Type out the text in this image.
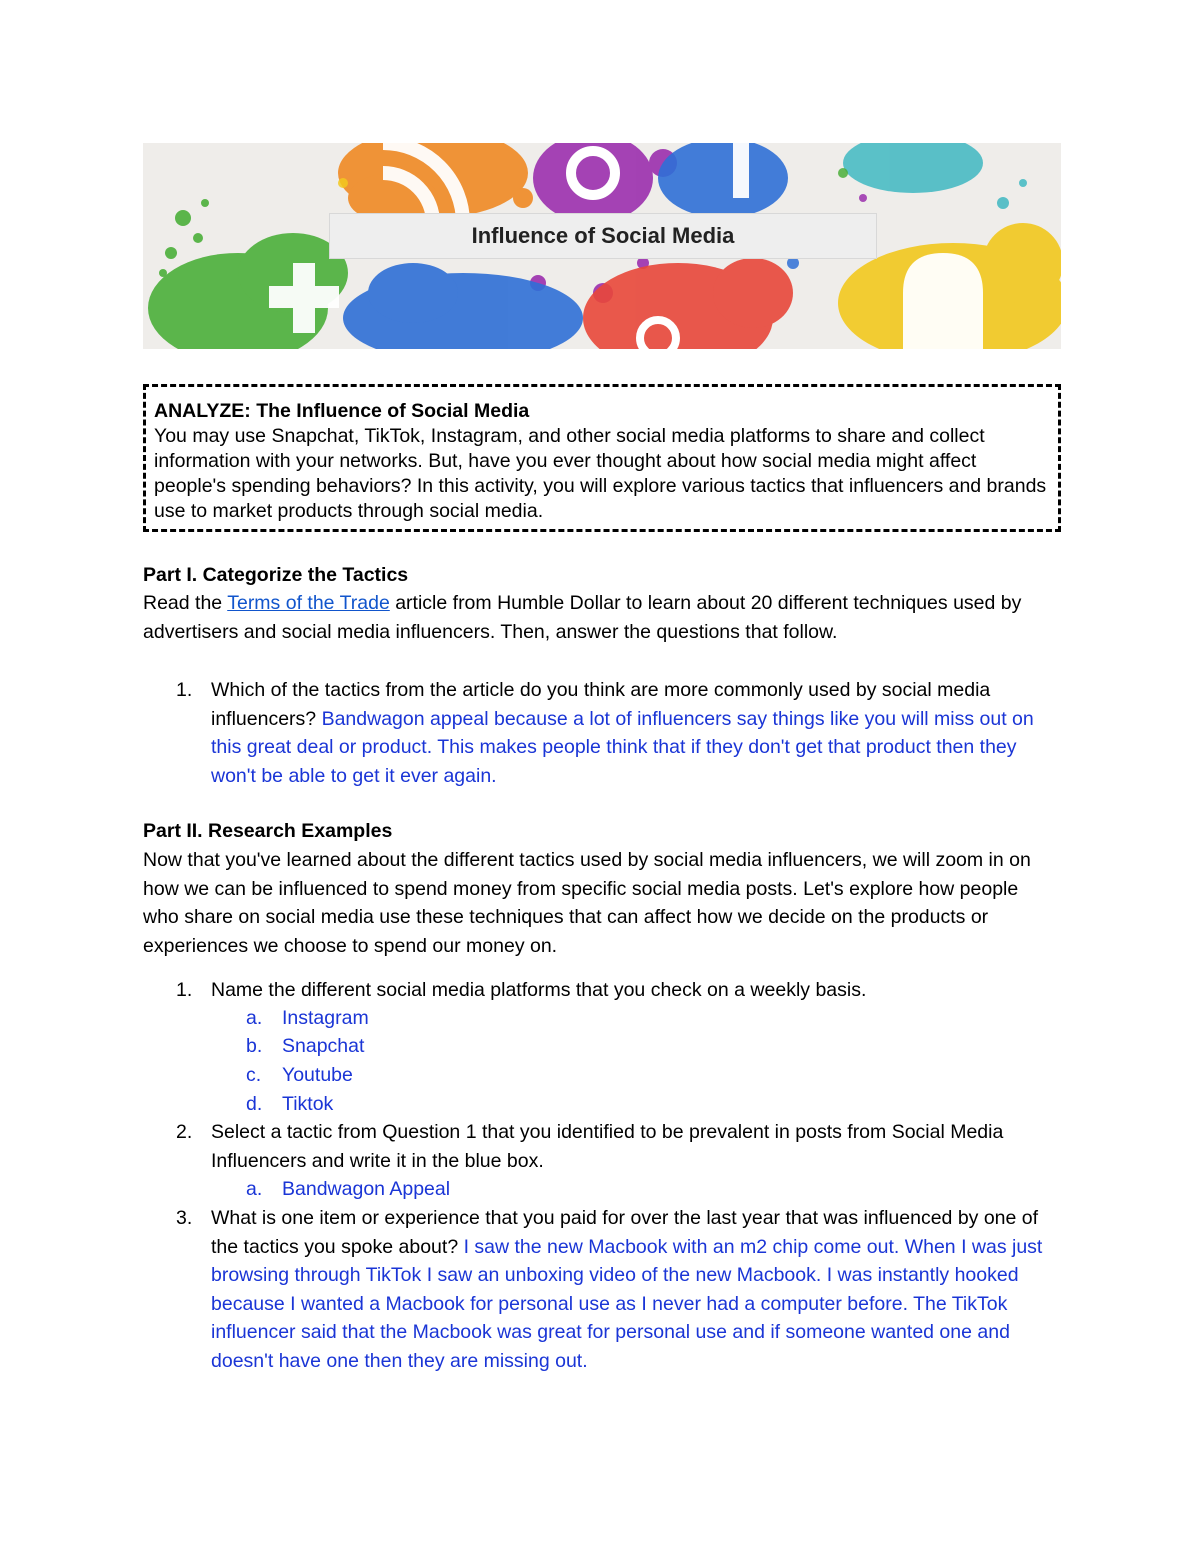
Influence of Social Media
ANALYZE: The Influence of Social Media
You may use Snapchat, TikTok, Instagram, and other social media platforms to share and collect information with your networks. But, have you ever thought about how social media might affect people's spending behaviors? In this activity, you will explore various tactics that influencers and brands use to market products through social media.
Part I. Categorize the Tactics
Read the Terms of the Trade article from Humble Dollar to learn about 20 different techniques used by advertisers and social media influencers. Then, answer the questions that follow.
1. Which of the tactics from the article do you think are more commonly used by social media influencers? Bandwagon appeal because a lot of influencers say things like you will miss out on this great deal or product. This makes people think that if they don't get that product then they won't be able to get it ever again.
Part II. Research Examples
Now that you've learned about the different tactics used by social media influencers, we will zoom in on how we can be influenced to spend money from specific social media posts. Let's explore how people who share on social media use these techniques that can affect how we decide on the products or experiences we choose to spend our money on.
1. Name the different social media platforms that you check on a weekly basis.
a. Instagram
b. Snapchat
c. Youtube
d. Tiktok
2. Select a tactic from Question 1 that you identified to be prevalent in posts from Social Media Influencers and write it in the blue box.
a. Bandwagon Appeal
3. What is one item or experience that you paid for over the last year that was influenced by one of the tactics you spoke about? I saw the new Macbook with an m2 chip come out. When I was just browsing through TikTok I saw an unboxing video of the new Macbook. I was instantly hooked because I wanted a Macbook for personal use as I never had a computer before. The TikTok influencer said that the Macbook was great for personal use and if someone wanted one and doesn't have one then they are missing out.
